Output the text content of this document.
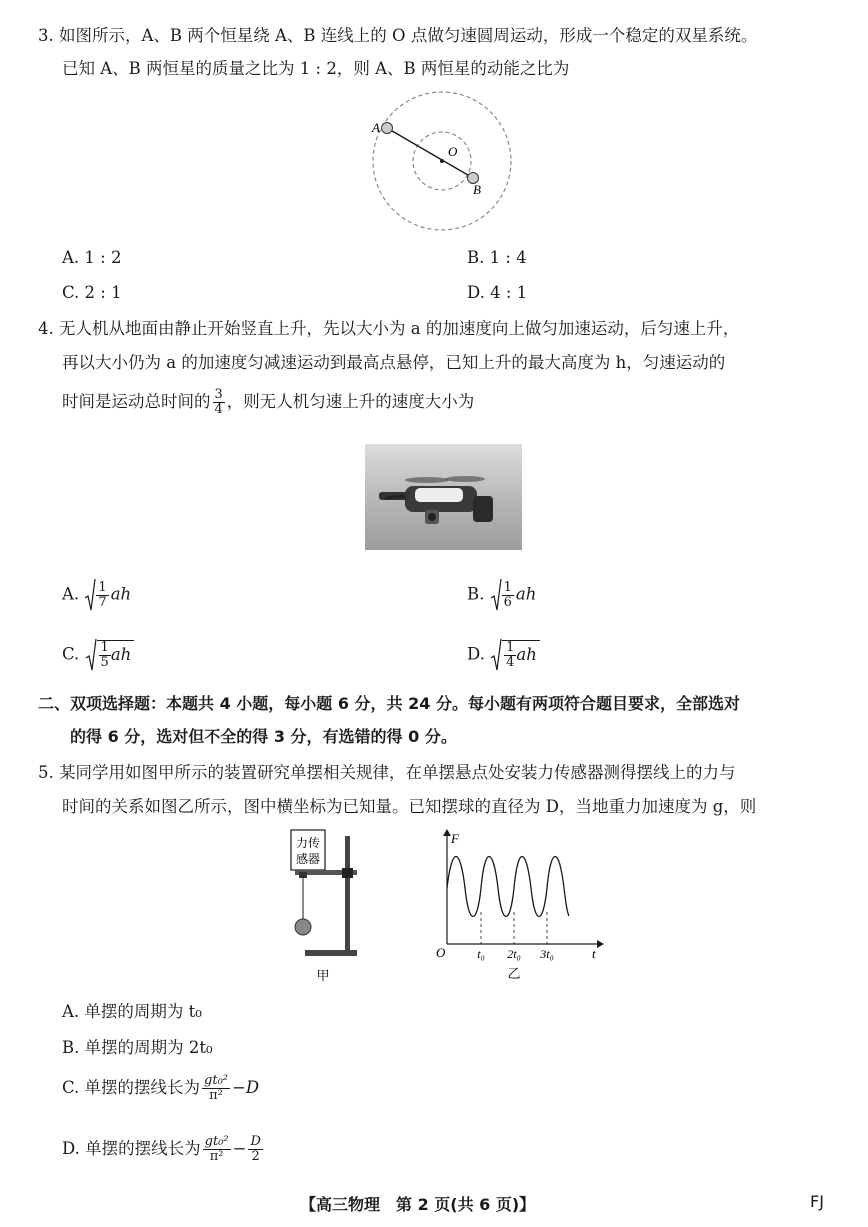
3. 如图所示，A、B 两个恒星绕 A、B 连线上的 O 点做匀速圆周运动，形成一个稳定的双星系统。
已知 A、B 两恒星的质量之比为 1 : 2，则 A、B 两恒星的动能之比为
A
O
B
A. 1 : 2	B. 1 : 4
C. 2 : 1	D. 4 : 1
4. 无人机从地面由静止开始竖直上升，先以大小为 a 的加速度向上做匀加速运动，后匀速上升，
再以大小仍为 a 的加速度匀减速运动到最高点悬停，已知上升的最大高度为 h，匀速运动的
时间是运动总时间的 $\frac{3}{4}$ ，则无人机匀速上升的速度大小为
A. $\frac{1}{7}$ ah	B. $\frac{1}{6}$ ah
C. $\frac{1}{5}$ ah	D. $\frac{1}{4}$ ah
二、双项选择题：本题共 4 小题，每小题 6 分，共 24 分。每小题有两项符合题目要求，全部选对
的得 6 分，选对但不全的得 3 分，有选错的得 0 分。
5. 某同学用如图甲所示的装置研究单摆相关规律，在单摆悬点处安装力传感器测得摆线上的力与
时间的关系如图乙所示，图中横坐标为已知量。已知摆球的直径为 D，当地重力加速度为 g，则
力传
感器
甲
F
O	t₀ 2t₀ 3t₀	t
乙
A. 单摆的周期为 t₀
B. 单摆的周期为 2t₀
C. 单摆的摆线长为 $\frac{\text{gt₀²}}{\text{π²}} -D$
D. 单摆的摆线长为 $\frac{\text{gt₀²}}{\text{π²}} - \frac{D}{2}$
【高三物理　第 2 页(共 6 页)】	FJ
